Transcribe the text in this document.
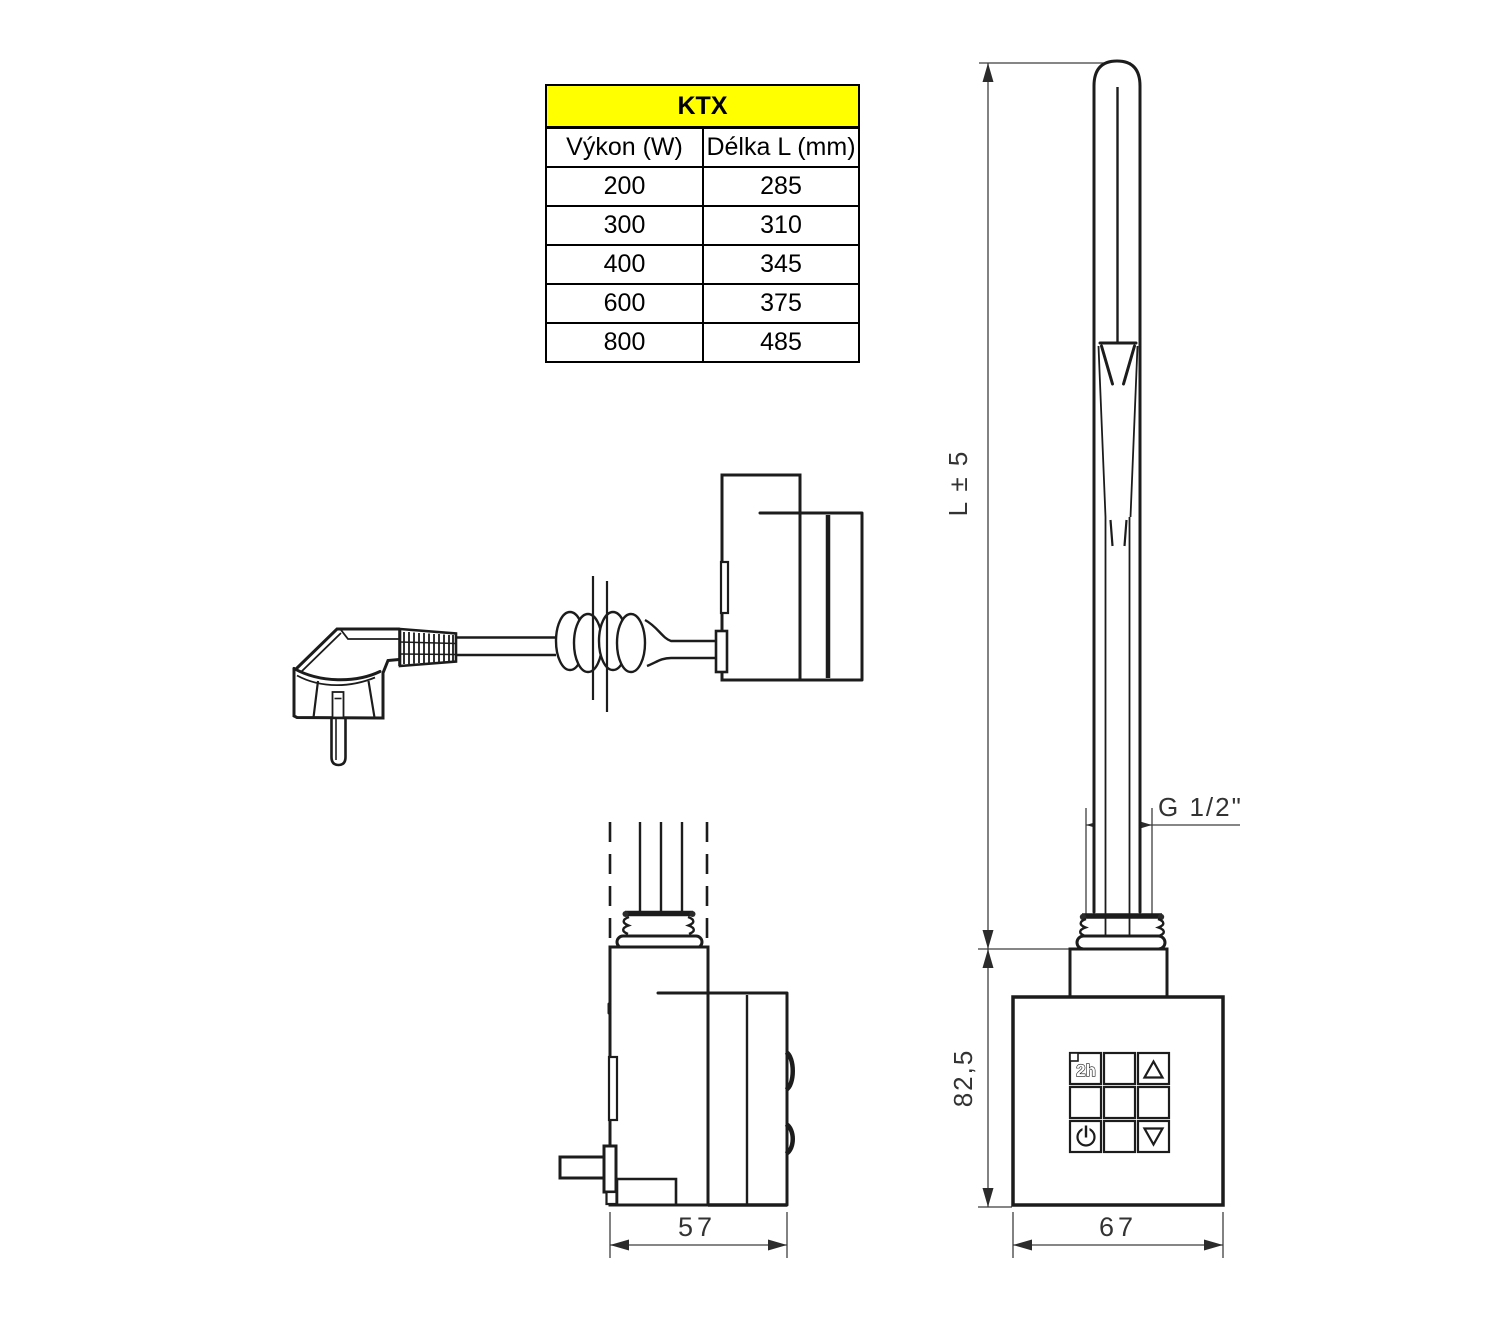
KTX
Výkon (W) Délka L (mm)
200	285
300	310
400	345
600	375
800	485
57
L ± 5
82,5
G 1/2"
2h
67
